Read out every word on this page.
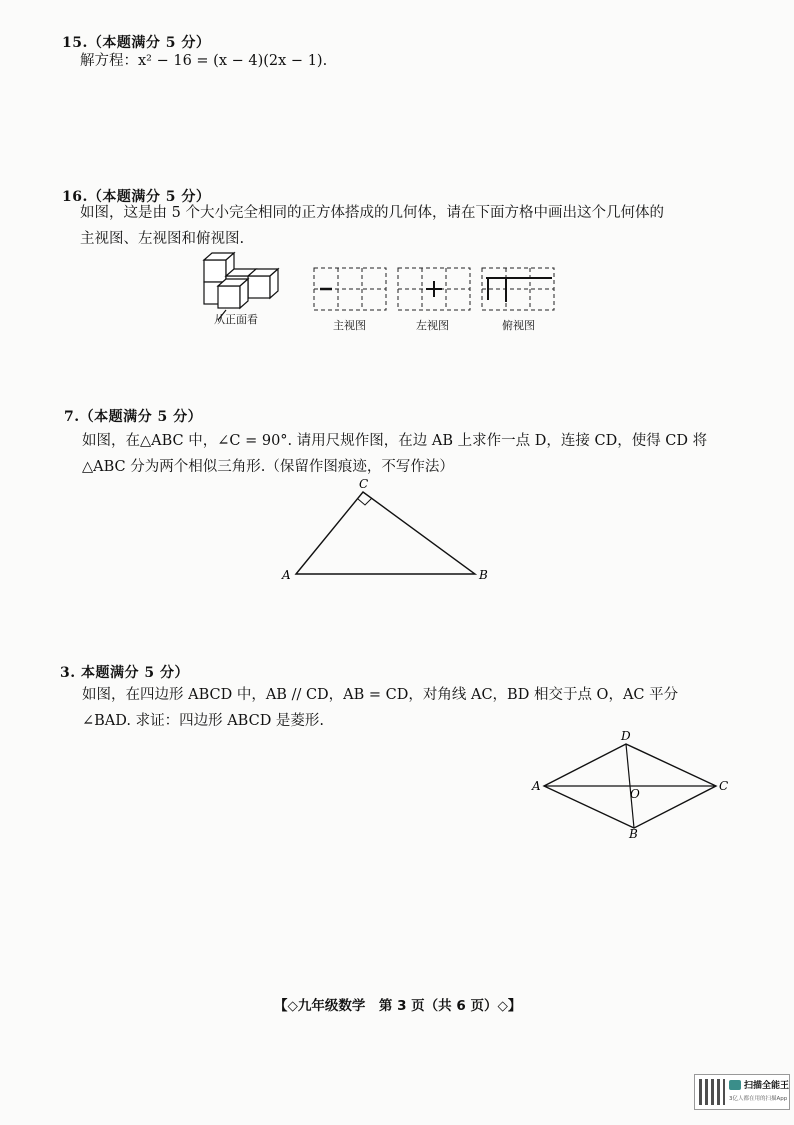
15.（本题满分 5 分）
解方程：x² − 16 = (x − 4)(2x − 1).
16.（本题满分 5 分）
如图，这是由 5 个大小完全相同的正方体搭成的几何体，请在下面方格中画出这个几何体的
主视图、左视图和俯视图.
从正面看	主视图	左视图	俯视图
7.（本题满分 5 分）
如图，在△ABC 中，∠C = 90°. 请用尺规作图，在边 AB 上求作一点 D，连接 CD，使得 CD 将
△ABC 分为两个相似三角形.（保留作图痕迹，不写作法）
A
C
B
3. 本题满分 5 分）
如图，在四边形 ABCD 中，AB // CD，AB = CD，对角线 AC，BD 相交于点 O，AC 平分
∠BAD. 求证：四边形 ABCD 是菱形.
A
D
C
B
O
【◇九年级数学　第 3 页（共 6 页）◇】
扫描全能王
3亿人都在用的扫描App
